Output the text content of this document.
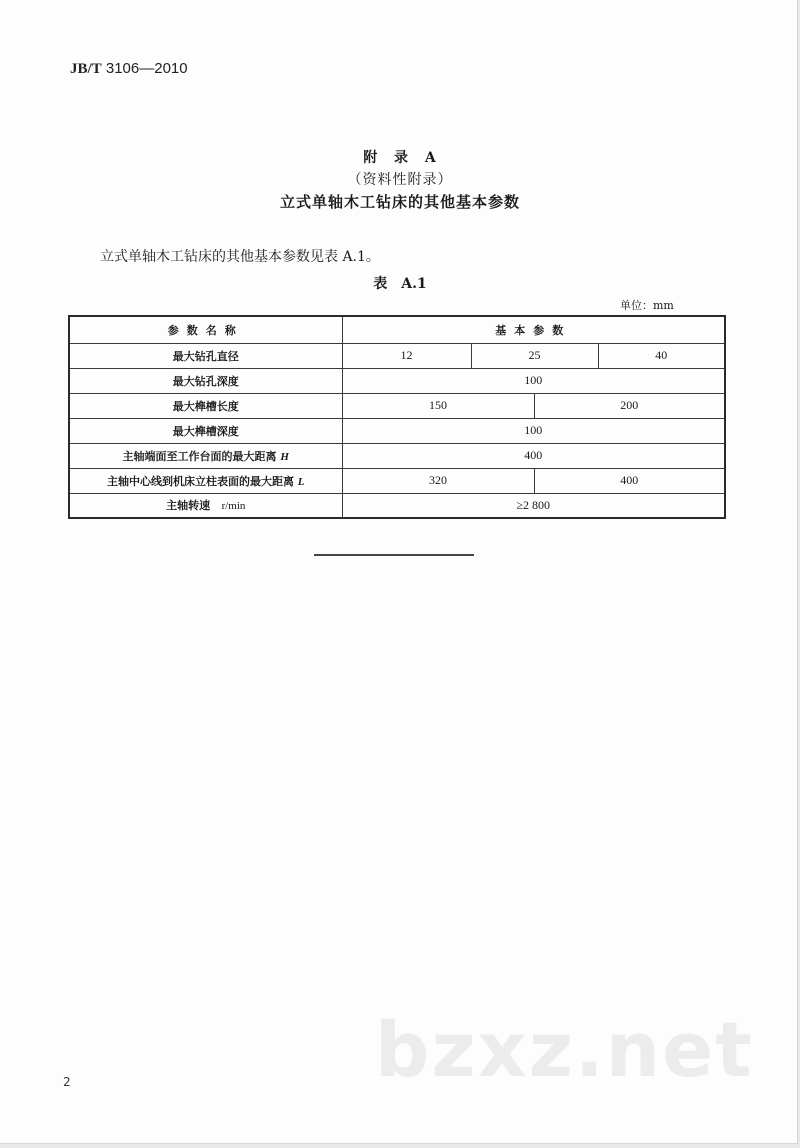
JB/T 3106—2010
附 录 A
（资料性附录）
立式单轴木工钻床的其他基本参数
立式单轴木工钻床的其他基本参数见表 A.1。
表 A.1
单位：mm
参数名称	基本参数			
最大钻孔直径	12	25		40
最大钻孔深度	100			
最大榫槽长度	150		200	
最大榫槽深度	100			
主轴端面至工作台面的最大距离 H	400			
主轴中心线到机床立柱表面的最大距离 L	320		400	
主轴转速 r/min	≥2 800			
bzxz.net
2
